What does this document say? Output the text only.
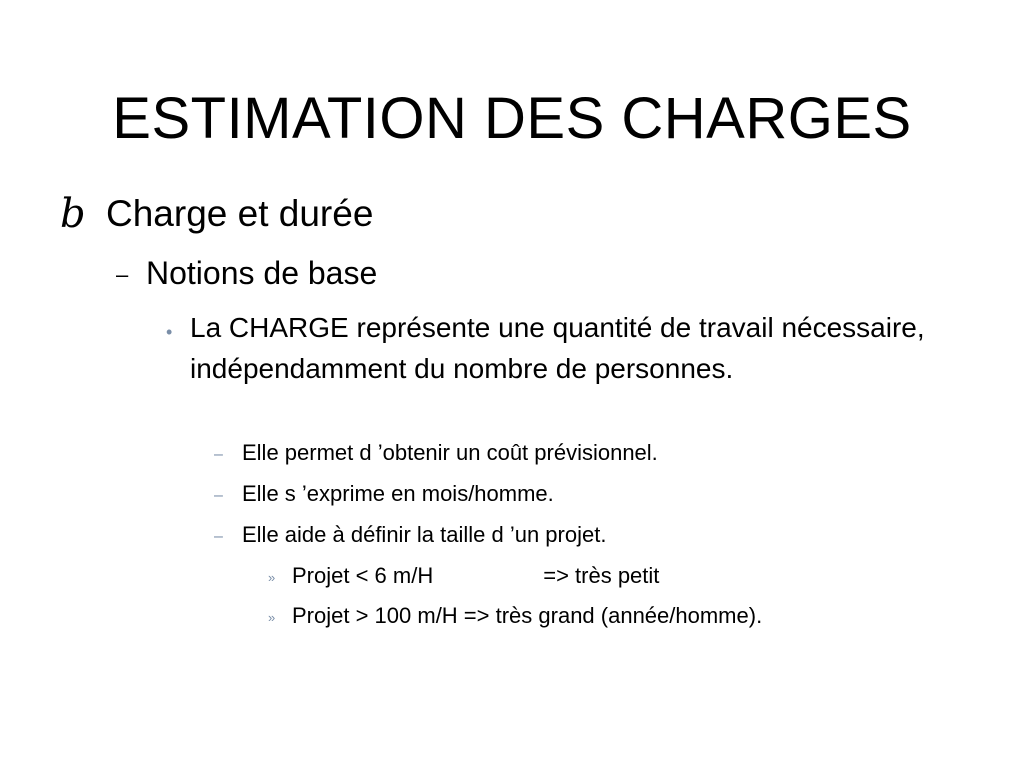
ESTIMATION DES CHARGES
b Charge et durée
– Notions de base
• La CHARGE représente une quantité de travail nécessaire, indépendamment du nombre de personnes.
– Elle permet d ’obtenir un coût prévisionnel.
– Elle s ’exprime en mois/homme.
– Elle aide à définir la taille d ’un projet.
» Projet < 6 m/H	=> très petit
» Projet > 100 m/H => très grand (année/homme).
